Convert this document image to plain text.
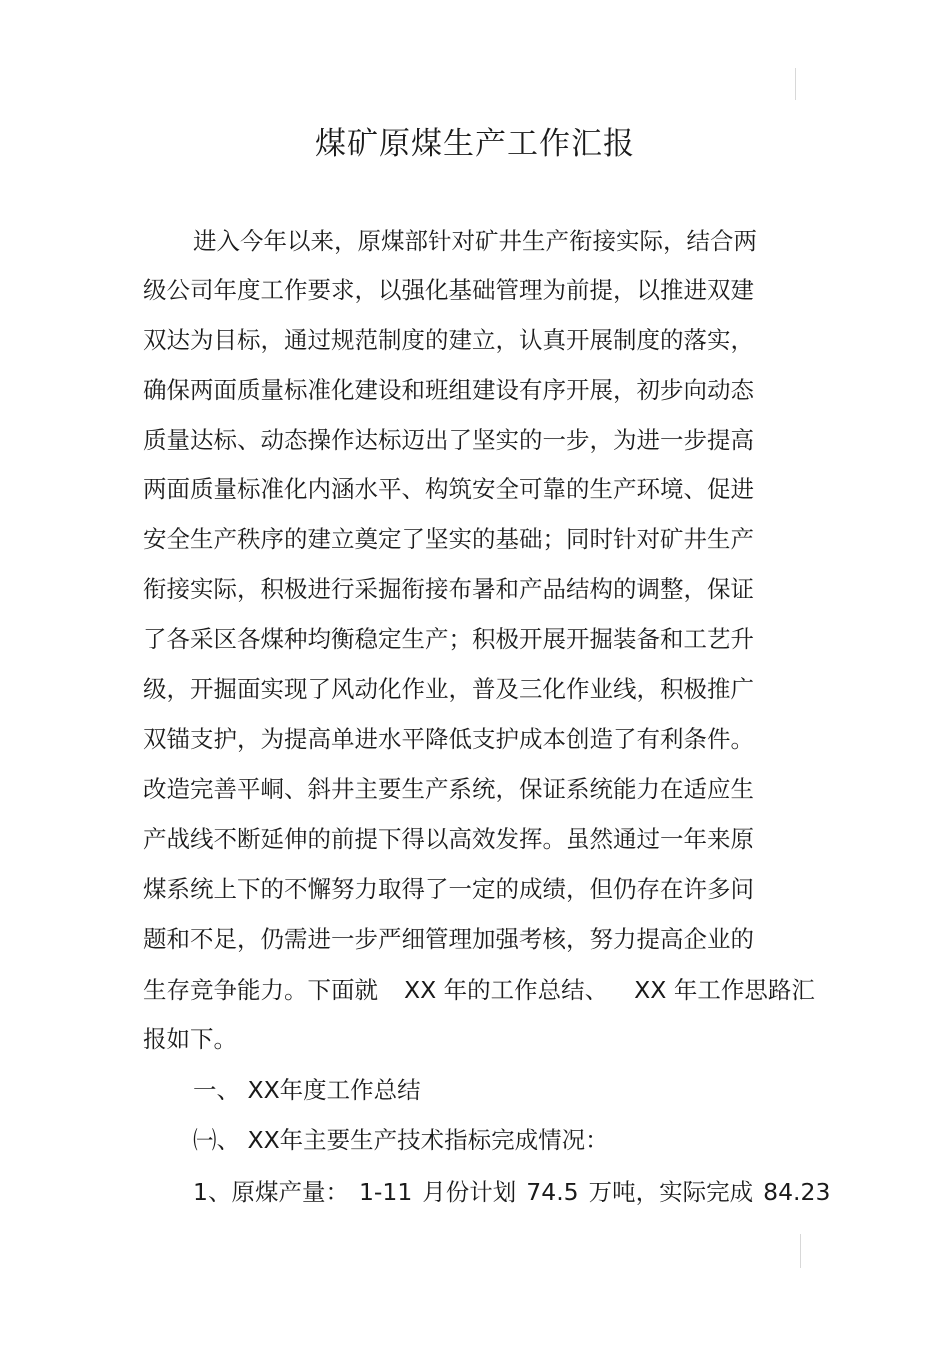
煤矿原煤生产工作汇报
进入今年以来，原煤部针对矿井生产衔接实际，结合两
级公司年度工作要求，以强化基础管理为前提，以推进双建
双达为目标，通过规范制度的建立，认真开展制度的落实，
确保两面质量标准化建设和班组建设有序开展，初步向动态
质量达标、动态操作达标迈出了坚实的一步，为进一步提高
两面质量标准化内涵水平、构筑安全可靠的生产环境、促进
安全生产秩序的建立奠定了坚实的基础；同时针对矿井生产
衔接实际，积极进行采掘衔接布暑和产品结构的调整，保证
了各采区各煤种均衡稳定生产；积极开展开掘装备和工艺升
级，开掘面实现了风动化作业，普及三化作业线，积极推广
双锚支护，为提高单进水平降低支护成本创造了有利条件。
改造完善平峒、斜井主要生产系统，保证系统能力在适应生
产战线不断延伸的前提下得以高效发挥。虽然通过一年来原
煤系统上下的不懈努力取得了一定的成绩，但仍存在许多问
题和不足，仍需进一步严细管理加强考核，努力提高企业的
生存竞争能力。下面就 XX 年的工作总结、 XX 年工作思路汇
报如下。
一、 XX年度工作总结
㈠、 XX年主要生产技术指标完成情况：
1、原煤产量： 1-11 月份计划 74.5 万吨，实际完成 84.23
